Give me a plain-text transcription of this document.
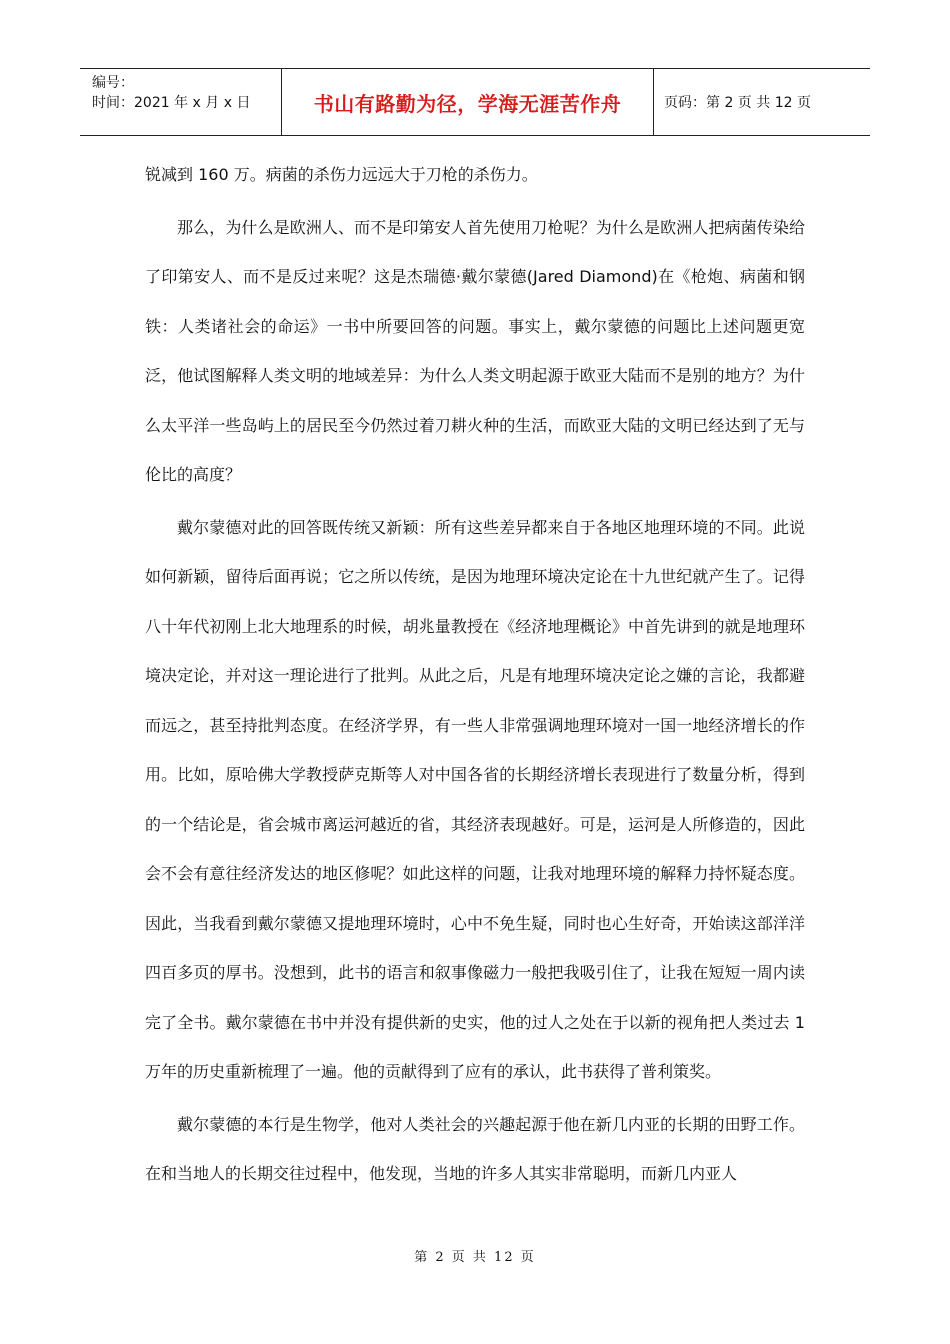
编号：
时间：2021 年 x 月 x 日	书山有路勤为径，学海无涯苦作舟	页码：第 2 页 共 12 页

锐减到 160 万。病菌的杀伤力远远大于刀枪的杀伤力。

那么，为什么是欧洲人、而不是印第安人首先使用刀枪呢？为什么是欧洲人把病菌传染给了印第安人、而不是反过来呢？这是杰瑞德·戴尔蒙德(Jared Diamond)在《枪炮、病菌和钢铁：人类诸社会的命运》一书中所要回答的问题。事实上，戴尔蒙德的问题比上述问题更宽泛，他试图解释人类文明的地域差异：为什么人类文明起源于欧亚大陆而不是别的地方？为什么太平洋一些岛屿上的居民至今仍然过着刀耕火种的生活，而欧亚大陆的文明已经达到了无与伦比的高度？

戴尔蒙德对此的回答既传统又新颖：所有这些差异都来自于各地区地理环境的不同。此说如何新颖，留待后面再说；它之所以传统，是因为地理环境决定论在十九世纪就产生了。记得八十年代初刚上北大地理系的时候，胡兆量教授在《经济地理概论》中首先讲到的就是地理环境决定论，并对这一理论进行了批判。从此之后，凡是有地理环境决定论之嫌的言论，我都避而远之，甚至持批判态度。在经济学界，有一些人非常强调地理环境对一国一地经济增长的作用。比如，原哈佛大学教授萨克斯等人对中国各省的长期经济增长表现进行了数量分析，得到的一个结论是，省会城市离运河越近的省，其经济表现越好。可是，运河是人所修造的，因此会不会有意往经济发达的地区修呢？如此这样的问题，让我对地理环境的解释力持怀疑态度。因此，当我看到戴尔蒙德又提地理环境时，心中不免生疑，同时也心生好奇，开始读这部洋洋四百多页的厚书。没想到，此书的语言和叙事像磁力一般把我吸引住了，让我在短短一周内读完了全书。戴尔蒙德在书中并没有提供新的史实，他的过人之处在于以新的视角把人类过去 1 万年的历史重新梳理了一遍。他的贡献得到了应有的承认，此书获得了普利策奖。

戴尔蒙德的本行是生物学，他对人类社会的兴趣起源于他在新几内亚的长期的田野工作。在和当地人的长期交往过程中，他发现，当地的许多人其实非常聪明，而新几内亚人

第 2 页 共 12 页
